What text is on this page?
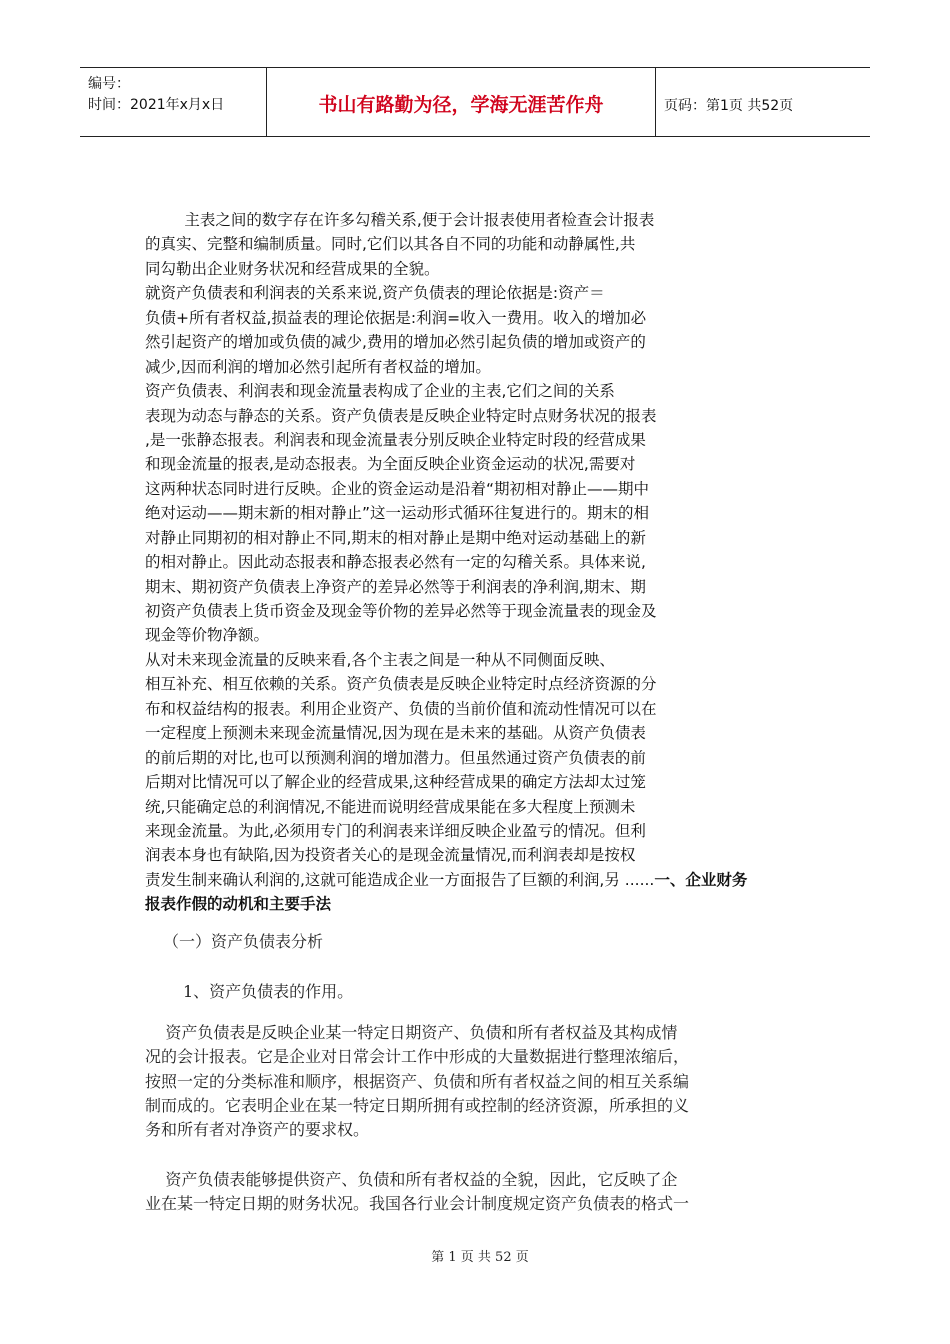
编号：
时间：2021年x月x日	书山有路勤为径，学海无涯苦作舟	页码：第1页 共52页
主表之间的数字存在许多勾稽关系,便于会计报表使用者检查会计报表
的真实、完整和编制质量。同时,它们以其各自不同的功能和动静属性,共
同勾勒出企业财务状况和经营成果的全貌。
就资产负债表和利润表的关系来说,资产负债表的理论依据是:资产＝
负债+所有者权益,损益表的理论依据是:利润=收入一费用。收入的增加必
然引起资产的增加或负债的减少,费用的增加必然引起负债的增加或资产的
减少,因而利润的增加必然引起所有者权益的增加。
资产负债表、利润表和现金流量表构成了企业的主表,它们之间的关系
表现为动态与静态的关系。资产负债表是反映企业特定时点财务状况的报表
,是一张静态报表。利润表和现金流量表分别反映企业特定时段的经营成果
和现金流量的报表,是动态报表。为全面反映企业资金运动的状况,需要对
这两种状态同时进行反映。企业的资金运动是沿着“期初相对静止——期中
绝对运动——期末新的相对静止”这一运动形式循环往复进行的。期末的相
对静止同期初的相对静止不同,期末的相对静止是期中绝对运动基础上的新
的相对静止。因此动态报表和静态报表必然有一定的勾稽关系。具体来说,
期末、期初资产负债表上净资产的差异必然等于利润表的净利润,期末、期
初资产负债表上货币资金及现金等价物的差异必然等于现金流量表的现金及
现金等价物净额。
从对未来现金流量的反映来看,各个主表之间是一种从不同侧面反映、
相互补充、相互依赖的关系。资产负债表是反映企业特定时点经济资源的分
布和权益结构的报表。利用企业资产、负债的当前价值和流动性情况可以在
一定程度上预测未来现金流量情况,因为现在是未来的基础。从资产负债表
的前后期的对比,也可以预测利润的增加潜力。但虽然通过资产负债表的前
后期对比情况可以了解企业的经营成果,这种经营成果的确定方法却太过笼
统,只能确定总的利润情况,不能进而说明经营成果能在多大程度上预测未
来现金流量。为此,必须用专门的利润表来详细反映企业盈亏的情况。但利
润表本身也有缺陷,因为投资者关心的是现金流量情况,而利润表却是按权
责发生制来确认利润的,这就可能造成企业一方面报告了巨额的利润,另 ......一、企业财务
报表作假的动机和主要手法
（一）资产负债表分析
1、资产负债表的作用。
资产负债表是反映企业某一特定日期资产、负债和所有者权益及其构成情
况的会计报表。它是企业对日常会计工作中形成的大量数据进行整理浓缩后，
按照一定的分类标准和顺序，根据资产、负债和所有者权益之间的相互关系编
制而成的。它表明企业在某一特定日期所拥有或控制的经济资源，所承担的义
务和所有者对净资产的要求权。
资产负债表能够提供资产、负债和所有者权益的全貌，因此，它反映了企
业在某一特定日期的财务状况。我国各行业会计制度规定资产负债表的格式一
第 1 页 共 52 页
